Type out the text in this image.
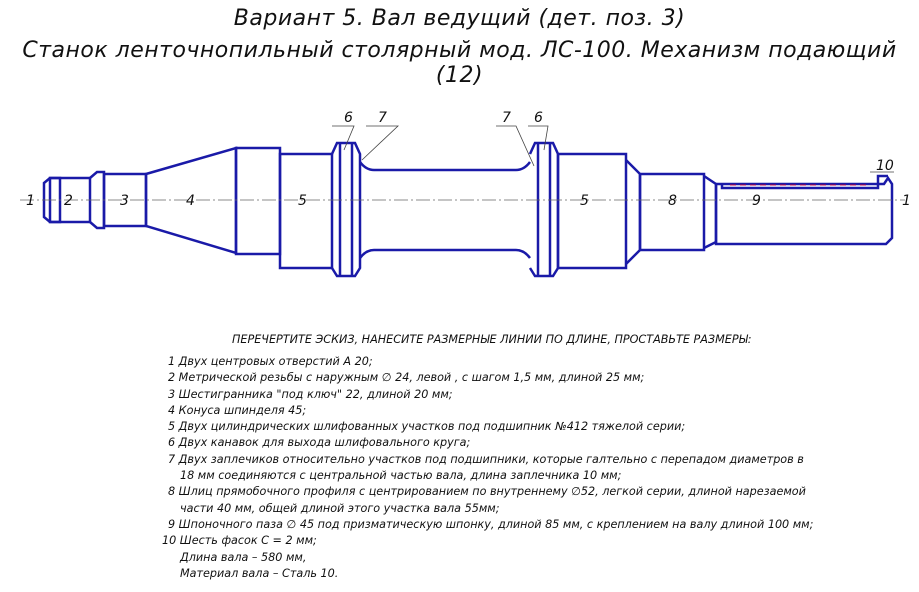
Вариант 5. Вал ведущий (дет. поз. 3)
Станок ленточнопильный столярный мод. ЛС-100. Механизм подающий (12)
1 2	3	4	5
6 7	7 6
5	8	9
10
1
ПЕРЕЧЕРТИТЕ ЭСКИЗ, НАНЕСИТЕ РАЗМЕРНЫЕ ЛИНИИ ПО ДЛИНЕ, ПРОСТАВЬТЕ РАЗМЕРЫ:
1 Двух центровых отверстий А 20;
2 Метрической резьбы с наружным ∅ 24, левой , с шагом 1,5 мм, длиной 25 мм;
3 Шестигранника "под ключ" 22, длиной 20 мм;
4 Конуса шпинделя 45;
5 Двух цилиндрических шлифованных участков под подшипник №412 тяжелой серии;
6 Двух канавок для выхода шлифовального круга;
7 Двух заплечиков относительно участков под подшипники, которые галтельно с перепадом диаметров в
18 мм соединяются с центральной частью вала, длина заплечника 10 мм;
8 Шлиц прямобочного профиля с центрированием по внутреннему ∅52, легкой серии, длиной нарезаемой
части 40 мм, общей длиной этого участка вала 55мм;
9 Шпоночного паза ∅ 45 под призматическую шпонку, длиной 85 мм, с креплением на валу длиной 100 мм;
10 Шесть фасок С = 2 мм;
Длина вала – 580 мм,
Материал вала – Сталь 10.
